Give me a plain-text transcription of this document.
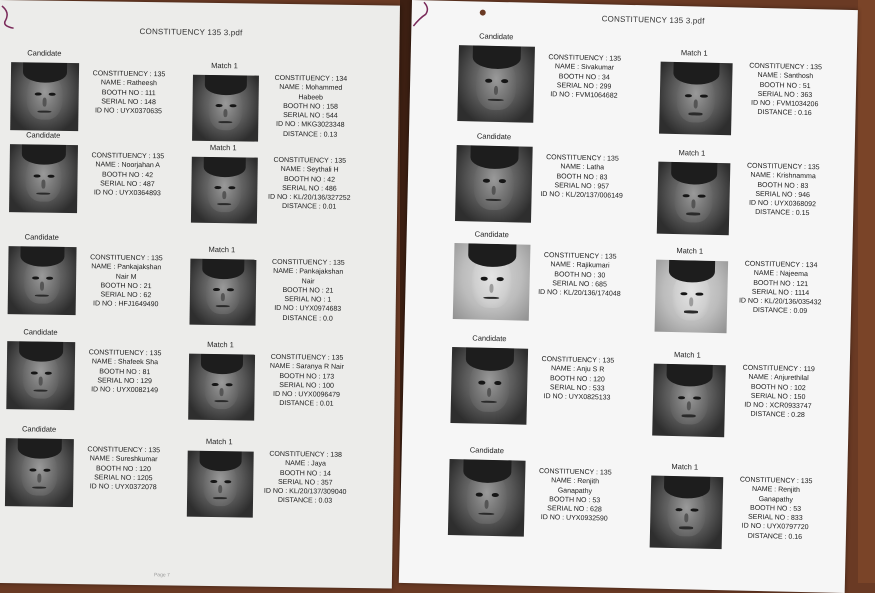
CONSTITUENCY 135 3.pdf
Candidate
CONSTITUENCY : 135
NAME : Ratheesh
BOOTH NO : 111
SERIAL NO : 148
ID NO : UYX0370635
Match 1
CONSTITUENCY : 134
NAME : Mohammed
Habeeb
BOOTH NO : 158
SERIAL NO : 544
ID NO : MKG3023348
DISTANCE : 0.13
Candidate
CONSTITUENCY : 135
NAME : Noorjahan A
BOOTH NO : 42
SERIAL NO : 487
ID NO : UYX0364893
Match 1
CONSTITUENCY : 135
NAME : Seythali H
BOOTH NO : 42
SERIAL NO : 486
ID NO : KL/20/136/327252
DISTANCE : 0.01
Candidate
CONSTITUENCY : 135
NAME : Pankajakshan
Nair M
BOOTH NO : 21
SERIAL NO : 62
ID NO : HFJ1649490
Match 1
CONSTITUENCY : 135
NAME : Pankajakshan
Nair
BOOTH NO : 21
SERIAL NO : 1
ID NO : UYX0974683
DISTANCE : 0.0
Candidate
CONSTITUENCY : 135
NAME : Shafeek Sha
BOOTH NO : 81
SERIAL NO : 129
ID NO : UYX0082149
Match 1
CONSTITUENCY : 135
NAME : Saranya R Nair
BOOTH NO : 173
SERIAL NO : 100
ID NO : UYX0096479
DISTANCE : 0.01
Candidate
CONSTITUENCY : 135
NAME : Sureshkumar
BOOTH NO : 120
SERIAL NO : 1205
ID NO : UYX0372078
Match 1
CONSTITUENCY : 138
NAME : Jaya
BOOTH NO : 14
SERIAL NO : 357
ID NO : KL/20/137/309040
DISTANCE : 0.03
Page 7
CONSTITUENCY 135 3.pdf
Candidate
CONSTITUENCY : 135
NAME : Sivakumar
BOOTH NO : 34
SERIAL NO : 299
ID NO : FVM1064682
Match 1
CONSTITUENCY : 135
NAME : Santhosh
BOOTH NO : 51
SERIAL NO : 363
ID NO : FVM1034206
DISTANCE : 0.16
Candidate
CONSTITUENCY : 135
NAME : Latha
BOOTH NO : 83
SERIAL NO : 957
ID NO : KL/20/137/006149
Match 1
CONSTITUENCY : 135
NAME : Krishnamma
BOOTH NO : 83
SERIAL NO : 946
ID NO : UYX0368092
DISTANCE : 0.15
Candidate
CONSTITUENCY : 135
NAME : Rajikumari
BOOTH NO : 30
SERIAL NO : 685
ID NO : KL/20/136/174048
Match 1
CONSTITUENCY : 134
NAME : Najeema
BOOTH NO : 121
SERIAL NO : 1114
ID NO : KL/20/136/035432
DISTANCE : 0.09
Candidate
CONSTITUENCY : 135
NAME : Anju S R
BOOTH NO : 120
SERIAL NO : 533
ID NO : UYX0825133
Match 1
CONSTITUENCY : 119
NAME : Anjurethilal
BOOTH NO : 102
SERIAL NO : 150
ID NO : XCR0933747
DISTANCE : 0.28
Candidate
CONSTITUENCY : 135
NAME : Renjith
Ganapathy
BOOTH NO : 53
SERIAL NO : 628
ID NO : UYX0932590
Match 1
CONSTITUENCY : 135
NAME : Renjith
Ganapathy
BOOTH NO : 53
SERIAL NO : 833
ID NO : UYX0797720
DISTANCE : 0.16
